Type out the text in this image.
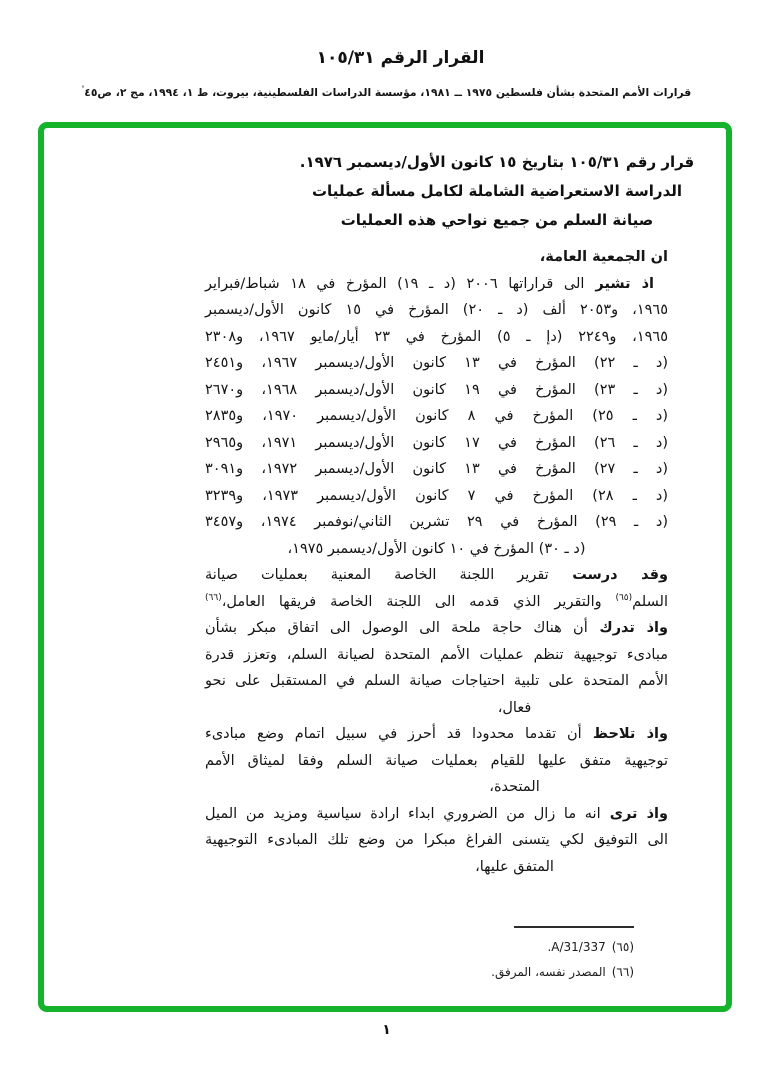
القرار الرقم ١٠٥/٣١
قرارات الأمم المتحدة بشأن فلسطين ١٩٧٥ ــ ١٩٨١، مؤسسة الدراسات الفلسطينية، بيروت، ط ١، ١٩٩٤، مج ٢، ص٤٥'
قرار رقم ١٠٥/٣١ بتاريخ ١٥ كانون الأول/ديسمبر ١٩٧٦.
الدراسة الاستعراضية الشاملة لكامل مسألة عمليات
صيانة السلم من جميع نواحي هذه العمليات
ان الجمعية العامة،
اذ تشير الى قراراتها ٢٠٠٦ (د ـ ١٩) المؤرخ في ١٨ شباط/فبراير
١٩٦٥، و٢٠٥٣ ألف (د ـ ٢٠) المؤرخ في ١٥ كانون الأول/ديسمبر
١٩٦٥، و٢٢٤٩ (دإ ـ ٥) المؤرخ في ٢٣ أيار/مايو ١٩٦٧، و٢٣٠٨
(د ـ ٢٢) المؤرخ في ١٣ كانون الأول/ديسمبر ١٩٦٧، و٢٤٥١
(د ـ ٢٣) المؤرخ في ١٩ كانون الأول/ديسمبر ١٩٦٨، و٢٦٧٠
(د ـ ٢٥) المؤرخ في ٨ كانون الأول/ديسمبر ١٩٧٠، و٢٨٣٥
(د ـ ٢٦) المؤرخ في ١٧ كانون الأول/ديسمبر ١٩٧١، و٢٩٦٥
(د ـ ٢٧) المؤرخ في ١٣ كانون الأول/ديسمبر ١٩٧٢، و٣٠٩١
(د ـ ٢٨) المؤرخ في ٧ كانون الأول/ديسمبر ١٩٧٣، و٣٢٣٩
(د ـ ٢٩) المؤرخ في ٢٩ تشرين الثاني/نوفمبر ١٩٧٤، و٣٤٥٧
(د ـ ٣٠) المؤرخ في ١٠ كانون الأول/ديسمبر ١٩٧٥،
وقد درست تقرير اللجنة الخاصة المعنية بعمليات صيانة
السلم$^{(٦٥)}$ والتقرير الذي قدمه الى اللجنة الخاصة فريقها العامل،$^{(٦٦)}$
واذ تدرك أن هناك حاجة ملحة الى الوصول الى اتفاق مبكر بشأن
مبادىء توجيهية تنظم عمليات الأمم المتحدة لصيانة السلم، وتعزز قدرة
الأمم المتحدة على تلبية احتياجات صيانة السلم في المستقبل على نحو
فعال،
واذ تلاحظ أن تقدما محدودا قد أحرز في سبيل اتمام وضع مبادىء
توجيهية متفق عليها للقيام بعمليات صيانة السلم وفقا لميثاق الأمم
المتحدة،
واذ ترى انه ما زال من الضروري ابداء ارادة سياسية ومزيد من الميل
الى التوفيق لكي يتسنى الفراغ مبكرا من وضع تلك المبادىء التوجيهية
المتفق عليها،
(٦٥)A/31/337.
(٦٦)المصدر نفسه، المرفق.
١
